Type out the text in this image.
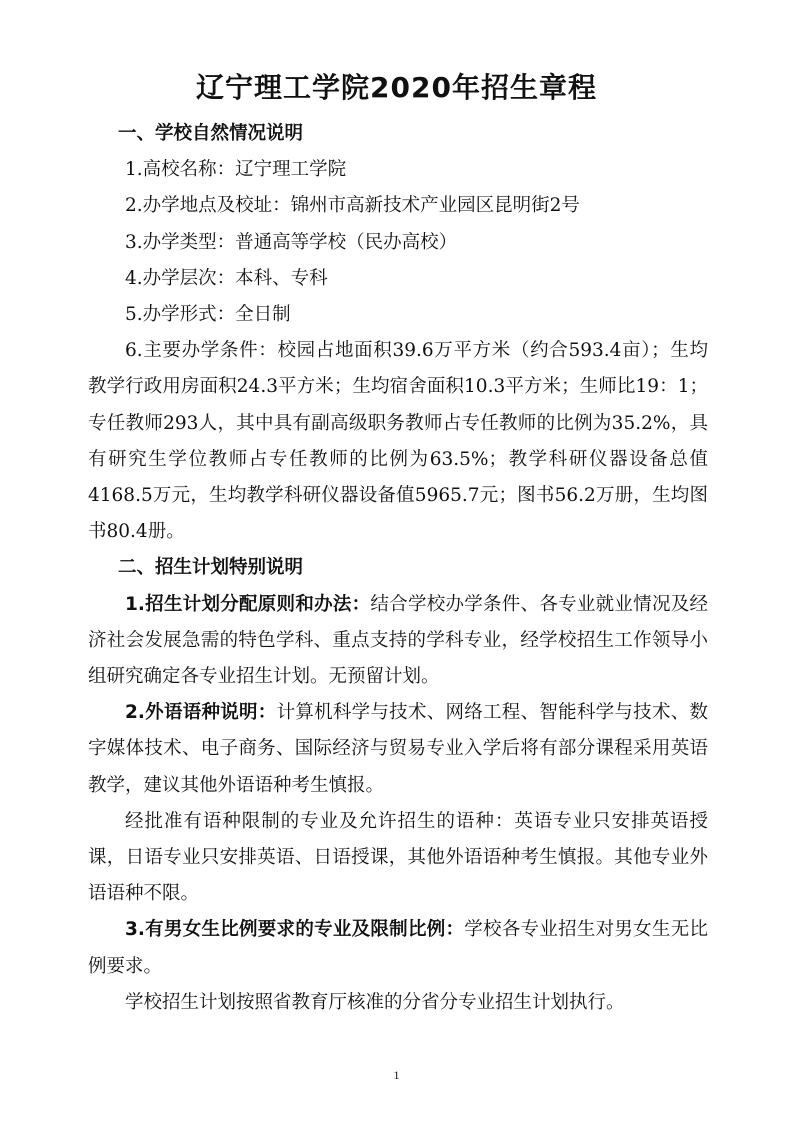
辽宁理工学院2020年招生章程
一、学校自然情况说明
1.高校名称：辽宁理工学院
2.办学地点及校址：锦州市高新技术产业园区昆明街2号
3.办学类型：普通高等学校（民办高校）
4.办学层次：本科、专科
5.办学形式：全日制
6.主要办学条件：校园占地面积39.6万平方米（约合593.4亩）；生均教学行政用房面积24.3平方米；生均宿舍面积10.3平方米；生师比19：1；专任教师293人，其中具有副高级职务教师占专任教师的比例为35.2%，具有研究生学位教师占专任教师的比例为63.5%；教学科研仪器设备总值4168.5万元，生均教学科研仪器设备值5965.7元；图书56.2万册，生均图书80.4册。
二、招生计划特别说明
1.招生计划分配原则和办法：结合学校办学条件、各专业就业情况及经济社会发展急需的特色学科、重点支持的学科专业，经学校招生工作领导小组研究确定各专业招生计划。无预留计划。
2.外语语种说明：计算机科学与技术、网络工程、智能科学与技术、数字媒体技术、电子商务、国际经济与贸易专业入学后将有部分课程采用英语教学，建议其他外语语种考生慎报。
经批准有语种限制的专业及允许招生的语种：英语专业只安排英语授课，日语专业只安排英语、日语授课，其他外语语种考生慎报。其他专业外语语种不限。
3.有男女生比例要求的专业及限制比例：学校各专业招生对男女生无比例要求。
学校招生计划按照省教育厅核准的分省分专业招生计划执行。
1
